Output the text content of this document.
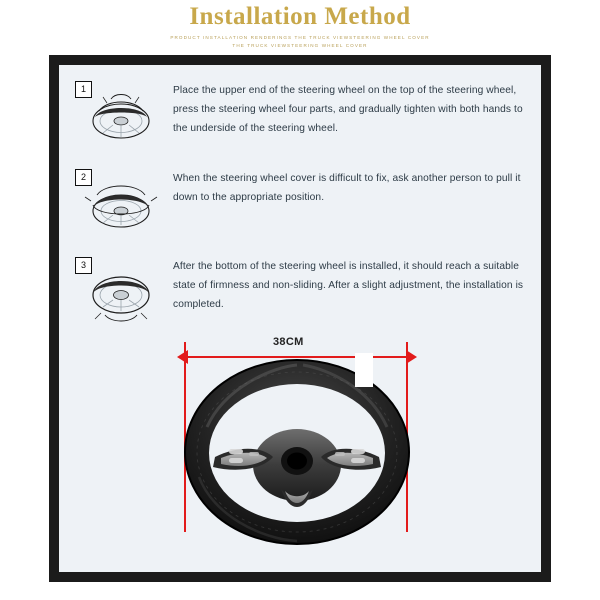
Installation Method
PRODUCT INSTALLATION RENDERINGS THE TRUCK VIEWSTEERING WHEEL COVER
THE TRUCK VIEWSTEERING WHEEL COVER
1	Place the upper end of the steering wheel on the top of the steering wheel, press the steering wheel four parts, and gradually tighten with both hands to the underside of the steering wheel.
2	When the steering wheel cover is difficult to fix, ask another person to pull it down to the appropriate position.
3	After the bottom of the steering wheel is installed, it should reach a suitable state of firmness and non-sliding. After a slight adjustment, the installation is completed.
38CM
